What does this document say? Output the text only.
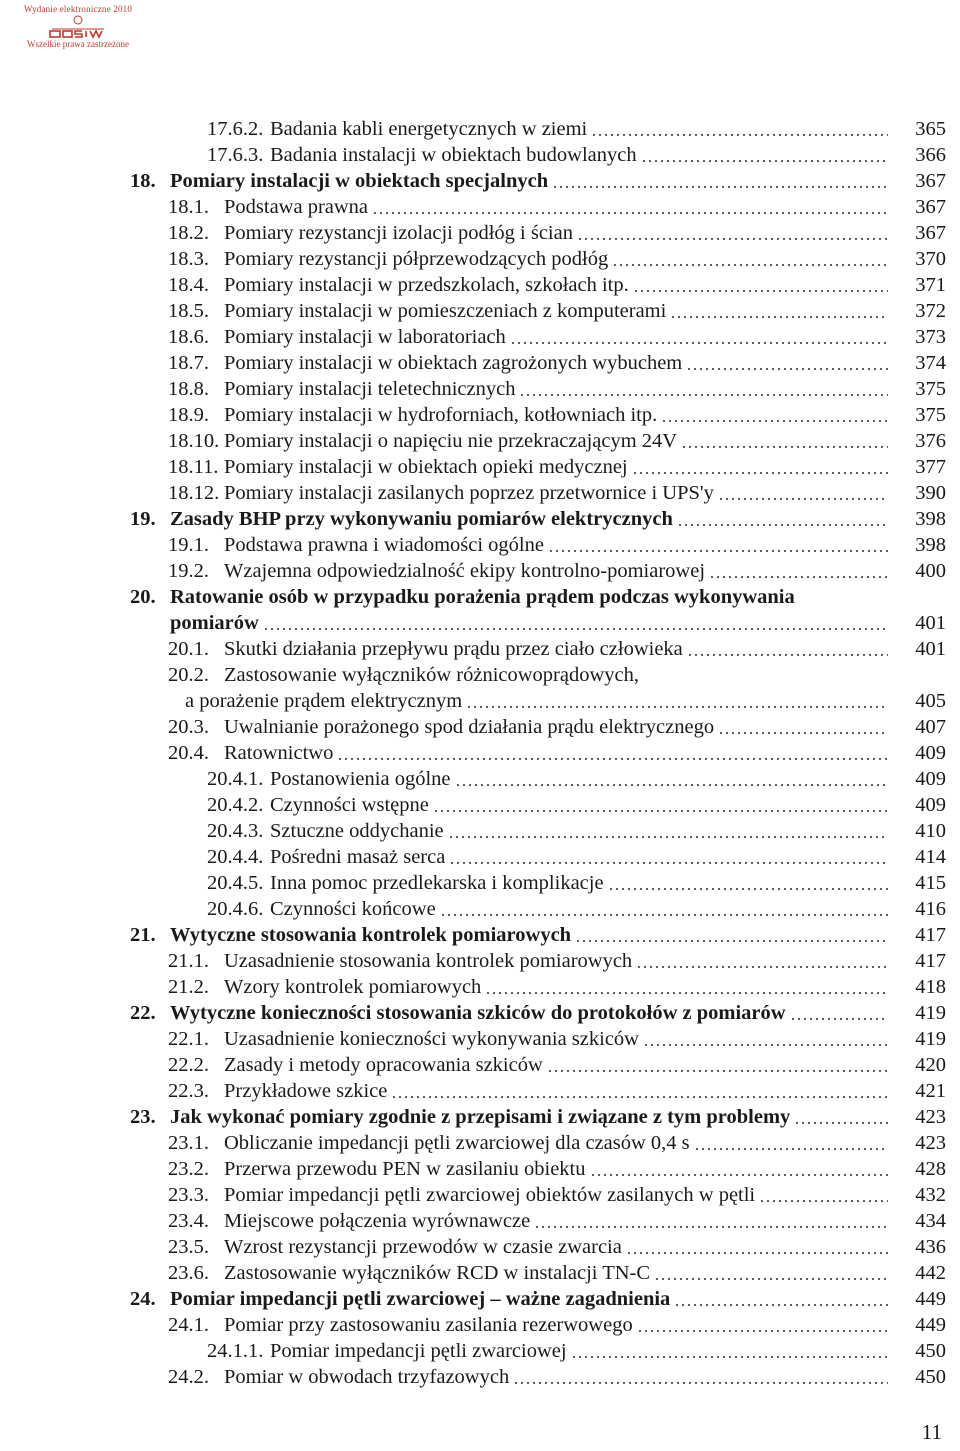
Wydanie elektroniczne 2010
Wszelkie prawa zastrzeżone
17.6.2. Badania kabli energetycznych w ziemi	365
17.6.3. Badania instalacji w obiektach budowlanych	366
18. Pomiary instalacji w obiektach specjalnych	367
18.1. Podstawa prawna	367
18.2. Pomiary rezystancji izolacji podłóg i ścian	367
18.3. Pomiary rezystancji półprzewodzących podłóg	370
18.4. Pomiary instalacji w przedszkolach, szkołach itp.	371
18.5. Pomiary instalacji w pomieszczeniach z komputerami	372
18.6. Pomiary instalacji w laboratoriach	373
18.7. Pomiary instalacji w obiektach zagrożonych wybuchem	374
18.8. Pomiary instalacji teletechnicznych	375
18.9. Pomiary instalacji w hydroforniach, kotłowniach itp.	375
18.10. Pomiary instalacji o napięciu nie przekraczającym 24V	376
18.11. Pomiary instalacji w obiektach opieki medycznej	377
18.12. Pomiary instalacji zasilanych poprzez przetwornice i UPS'y	390
19. Zasady BHP przy wykonywaniu pomiarów elektrycznych	398
19.1. Podstawa prawna i wiadomości ogólne	398
19.2. Wzajemna odpowiedzialność ekipy kontrolno-pomiarowej	400
20. Ratowanie osób w przypadku porażenia prądem podczas wykonywania
pomiarów	401
20.1. Skutki działania przepływu prądu przez ciało człowieka	401
20.2. Zastosowanie wyłączników różnicowoprądowych,
a porażenie prądem elektrycznym	405
20.3. Uwalnianie porażonego spod działania prądu elektrycznego	407
20.4. Ratownictwo	409
20.4.1. Postanowienia ogólne	409
20.4.2. Czynności wstępne	409
20.4.3. Sztuczne oddychanie	410
20.4.4. Pośredni masaż serca	414
20.4.5. Inna pomoc przedlekarska i komplikacje	415
20.4.6. Czynności końcowe	416
21. Wytyczne stosowania kontrolek pomiarowych	417
21.1. Uzasadnienie stosowania kontrolek pomiarowych	417
21.2. Wzory kontrolek pomiarowych	418
22. Wytyczne konieczności stosowania szkiców do protokołów z pomiarów	419
22.1. Uzasadnienie konieczności wykonywania szkiców	419
22.2. Zasady i metody opracowania szkiców	420
22.3. Przykładowe szkice	421
23. Jak wykonać pomiary zgodnie z przepisami i związane z tym problemy	423
23.1. Obliczanie impedancji pętli zwarciowej dla czasów 0,4 s	423
23.2. Przerwa przewodu PEN w zasilaniu obiektu	428
23.3. Pomiar impedancji pętli zwarciowej obiektów zasilanych w pętli	432
23.4. Miejscowe połączenia wyrównawcze	434
23.5. Wzrost rezystancji przewodów w czasie zwarcia	436
23.6. Zastosowanie wyłączników RCD w instalacji TN-C	442
24. Pomiar impedancji pętli zwarciowej – ważne zagadnienia	449
24.1. Pomiar przy zastosowaniu zasilania rezerwowego	449
24.1.1. Pomiar impedancji pętli zwarciowej	450
24.2. Pomiar w obwodach trzyfazowych	450
11
